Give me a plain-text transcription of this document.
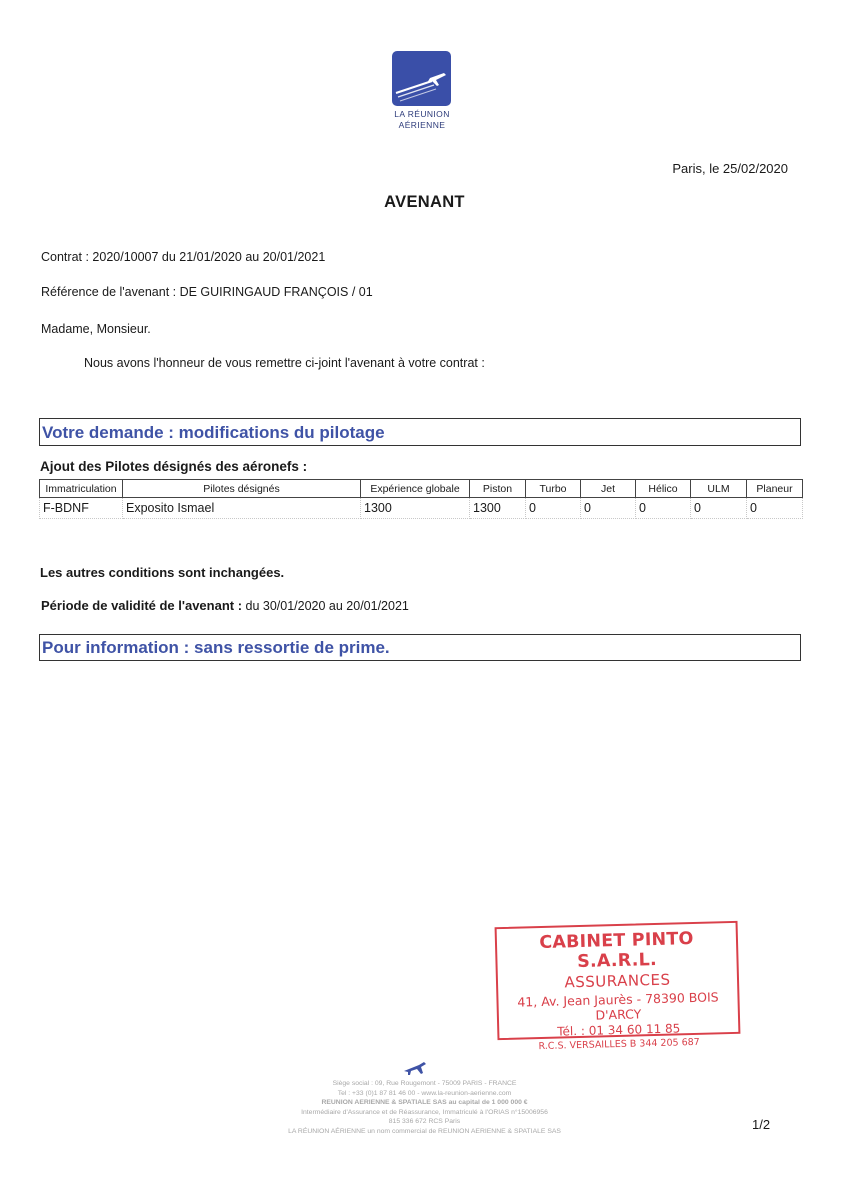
LA RÉUNION
AÉRIENNE
Paris, le 25/02/2020
AVENANT
Contrat : 2020/10007 du 21/01/2020 au 20/01/2021
Référence de l'avenant : DE GUIRINGAUD FRANÇOIS / 01
Madame, Monsieur.
Nous avons l'honneur de vous remettre ci-joint l'avenant à votre contrat :
Votre demande : modifications du pilotage
Ajout des Pilotes désignés des aéronefs :
Immatriculation	Pilotes désignés	Expérience globale	Piston	Turbo	Jet	Hélico	ULM	Planeur
F-BDNF	Exposito Ismael	1300	1300	0	0	0	0	0
Les autres conditions sont inchangées.
Période de validité de l'avenant : du 30/01/2020 au 20/01/2021
Pour information : sans ressortie de prime.
CABINET PINTO S.A.R.L.
ASSURANCES
41, Av. Jean Jaurès - 78390 BOIS D'ARCY
Tél. : 01 34 60 11 85
R.C.S. VERSAILLES B 344 205 687
Siège social : 09, Rue Rougemont - 75009 PARIS - FRANCE
Tel : +33 (0)1 87 81 46 00 - www.la-reunion-aerienne.com
REUNION AERIENNE & SPATIALE SAS au capital de 1 000 000 €
Intermédiaire d'Assurance et de Réassurance, Immatriculé à l'ORIAS n°15006956
815 336 672 RCS Paris
LA RÉUNION AÉRIENNE un nom commercial de REUNION AERIENNE & SPATIALE SAS	1/2
